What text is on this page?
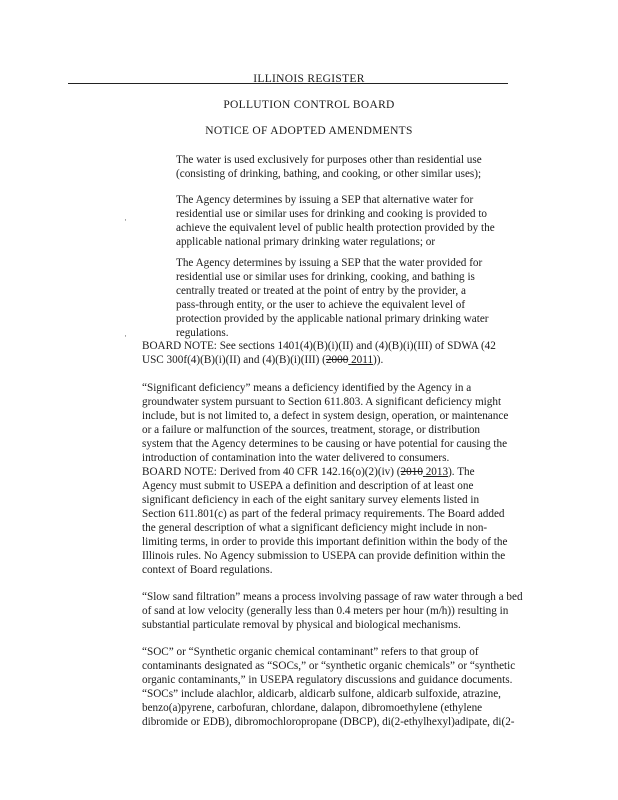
ILLINOIS REGISTER
POLLUTION CONTROL BOARD
NOTICE OF ADOPTED AMENDMENTS

The water is used exclusively for purposes other than residential use

(consisting of drinking, bathing, and cooking, or other similar uses);

The Agency determines by issuing a SEP that alternative water for

residential use or similar uses for drinking and cooking is provided to

achieve the equivalent level of public health protection provided by the

applicable national primary drinking water regulations; or

·

The Agency determines by issuing a SEP that the water provided for

residential use or similar uses for drinking, cooking, and bathing is

centrally treated or treated at the point of entry by the provider, a

pass-through entity, or the user to achieve the equivalent level of

protection provided by the applicable national primary drinking water

regulations.

·

BOARD NOTE: See sections 1401(4)(B)(i)(II) and (4)(B)(i)(III) of SDWA (42

USC 300f(4)(B)(i)(II) and (4)(B)(i)(III) (2000 2011)).

“Significant deficiency” means a deficiency identified by the Agency in a

groundwater system pursuant to Section 611.803. A significant deficiency might

include, but is not limited to, a defect in system design, operation, or maintenance

or a failure or malfunction of the sources, treatment, storage, or distribution

system that the Agency determines to be causing or have potential for causing the

introduction of contamination into the water delivered to consumers.

BOARD NOTE: Derived from 40 CFR 142.16(o)(2)(iv) (2010 2013). The

Agency must submit to USEPA a definition and description of at least one

significant deficiency in each of the eight sanitary survey elements listed in

Section 611.801(c) as part of the federal primacy requirements. The Board added

the general description of what a significant deficiency might include in non-

limiting terms, in order to provide this important definition within the body of the

Illinois rules. No Agency submission to USEPA can provide definition within the

context of Board regulations.

“Slow sand filtration” means a process involving passage of raw water through a bed

of sand at low velocity (generally less than 0.4 meters per hour (m/h)) resulting in

substantial particulate removal by physical and biological mechanisms.

“SOC” or “Synthetic organic chemical contaminant” refers to that group of

contaminants designated as “SOCs,” or “synthetic organic chemicals” or “synthetic

organic contaminants,” in USEPA regulatory discussions and guidance documents.

“SOCs” include alachlor, aldicarb, aldicarb sulfone, aldicarb sulfoxide, atrazine,

benzo(a)pyrene, carbofuran, chlordane, dalapon, dibromoethylene (ethylene

dibromide or EDB), dibromochloropropane (DBCP), di(2-ethylhexyl)adipate, di(2-
